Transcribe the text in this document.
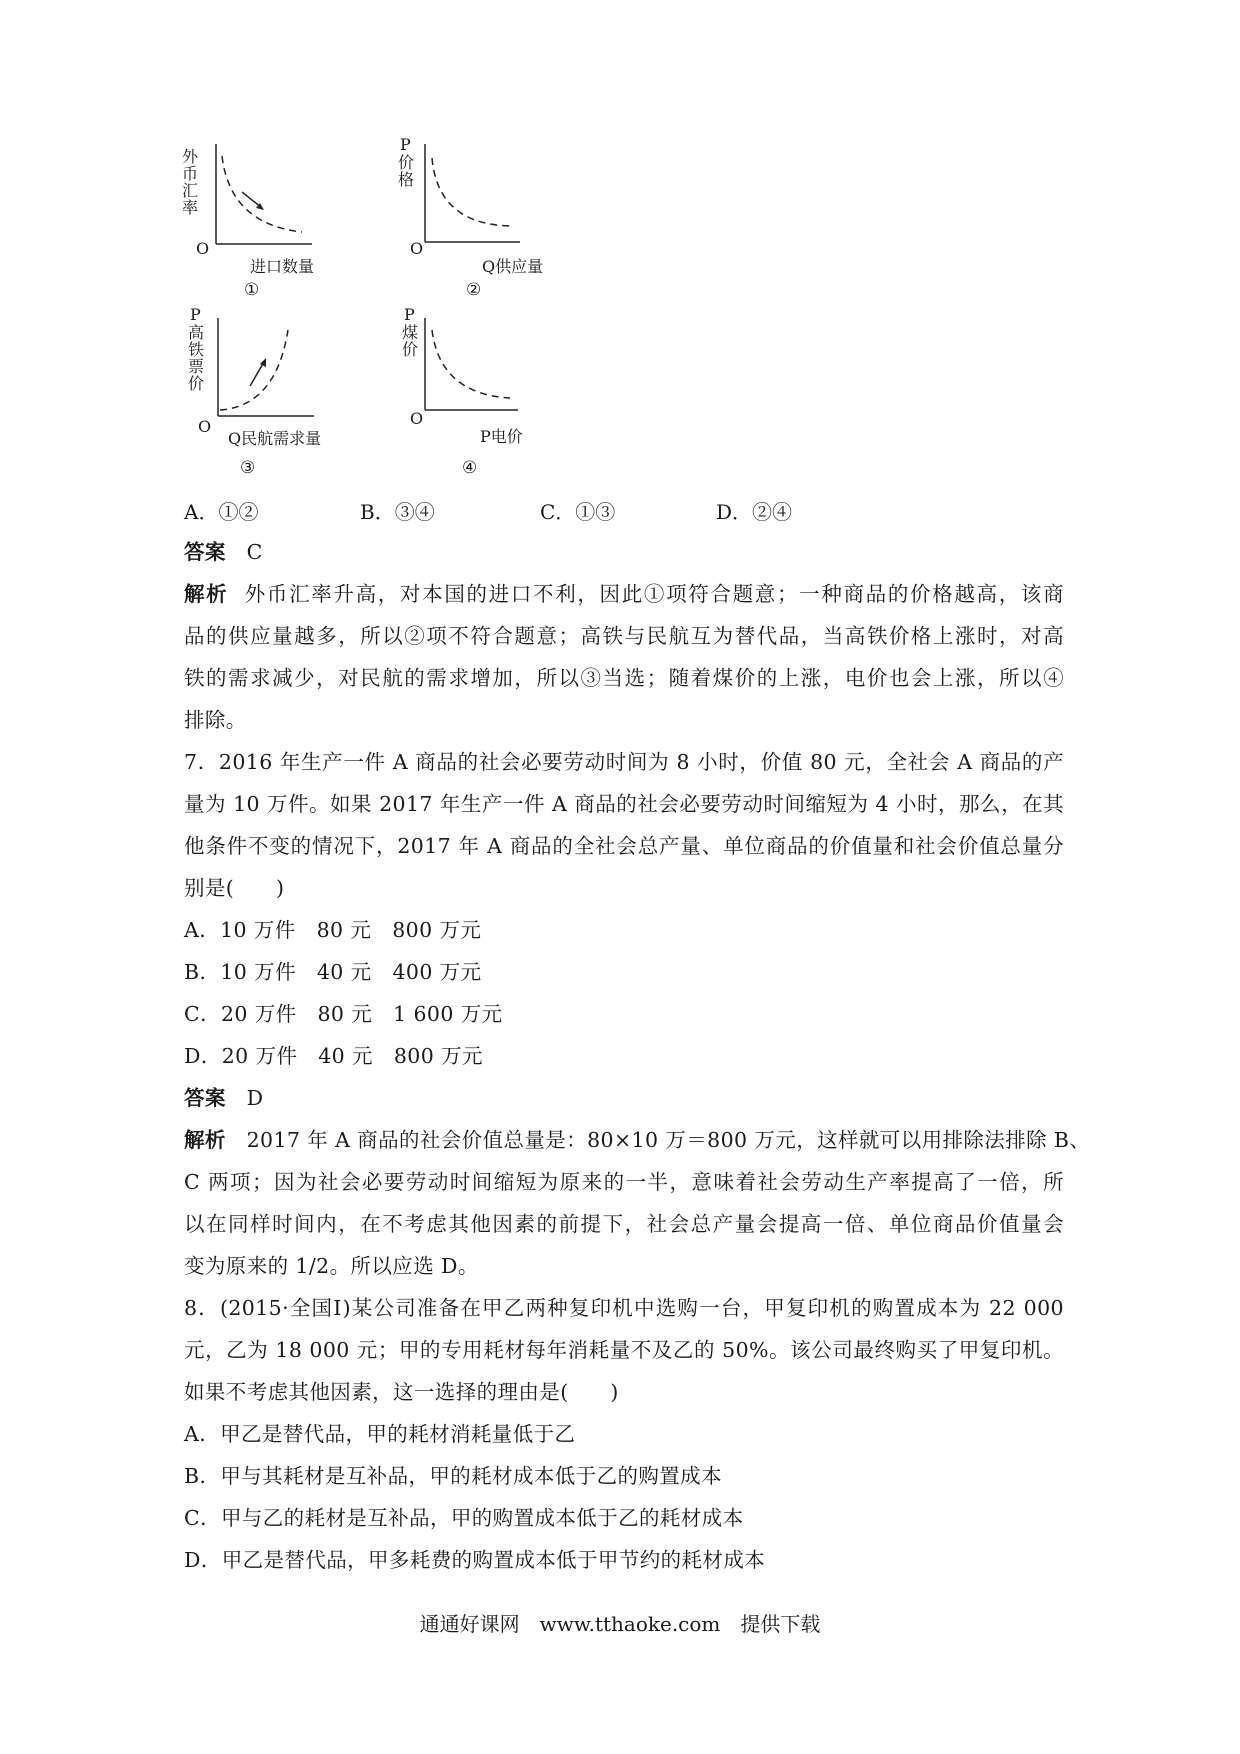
外币汇率
O
进口数量
①
P
价格
O
Q供应量
②
P
高铁票价
O
Q民航需求量
③
P
煤价
O
P电价
④
A．①②	B．③④	C．①③	D．②④
答案 C
解析 外币汇率升高，对本国的进口不利，因此①项符合题意；一种商品的价格越高，该商
品的供应量越多，所以②项不符合题意；高铁与民航互为替代品，当高铁价格上涨时，对高
铁的需求减少，对民航的需求增加，所以③当选；随着煤价的上涨，电价也会上涨，所以④
排除。
7．2016 年生产一件 A 商品的社会必要劳动时间为 8 小时，价值 80 元，全社会 A 商品的产
量为 10 万件。如果 2017 年生产一件 A 商品的社会必要劳动时间缩短为 4 小时，那么，在其
他条件不变的情况下，2017 年 A 商品的全社会总产量、单位商品的价值量和社会价值总量分
别是(　　)
A．10 万件　80 元　800 万元
B．10 万件　40 元　400 万元
C．20 万件　80 元　1 600 万元
D．20 万件　40 元　800 万元
答案 D
解析 2017 年 A 商品的社会价值总量是：80×10 万＝800 万元，这样就可以用排除法排除 B、
C 两项；因为社会必要劳动时间缩短为原来的一半，意味着社会劳动生产率提高了一倍，所
以在同样时间内，在不考虑其他因素的前提下，社会总产量会提高一倍、单位商品价值量会
变为原来的 1/2。所以应选 D。
8．(2015·全国Ⅰ)某公司准备在甲乙两种复印机中选购一台，甲复印机的购置成本为 22 000
元，乙为 18 000 元；甲的专用耗材每年消耗量不及乙的 50%。该公司最终购买了甲复印机。
如果不考虑其他因素，这一选择的理由是(　　)
A．甲乙是替代品，甲的耗材消耗量低于乙
B．甲与其耗材是互补品，甲的耗材成本低于乙的购置成本
C．甲与乙的耗材是互补品，甲的购置成本低于乙的耗材成本
D．甲乙是替代品，甲多耗费的购置成本低于甲节约的耗材成本
通通好课网　www.tthaoke.com　提供下载
